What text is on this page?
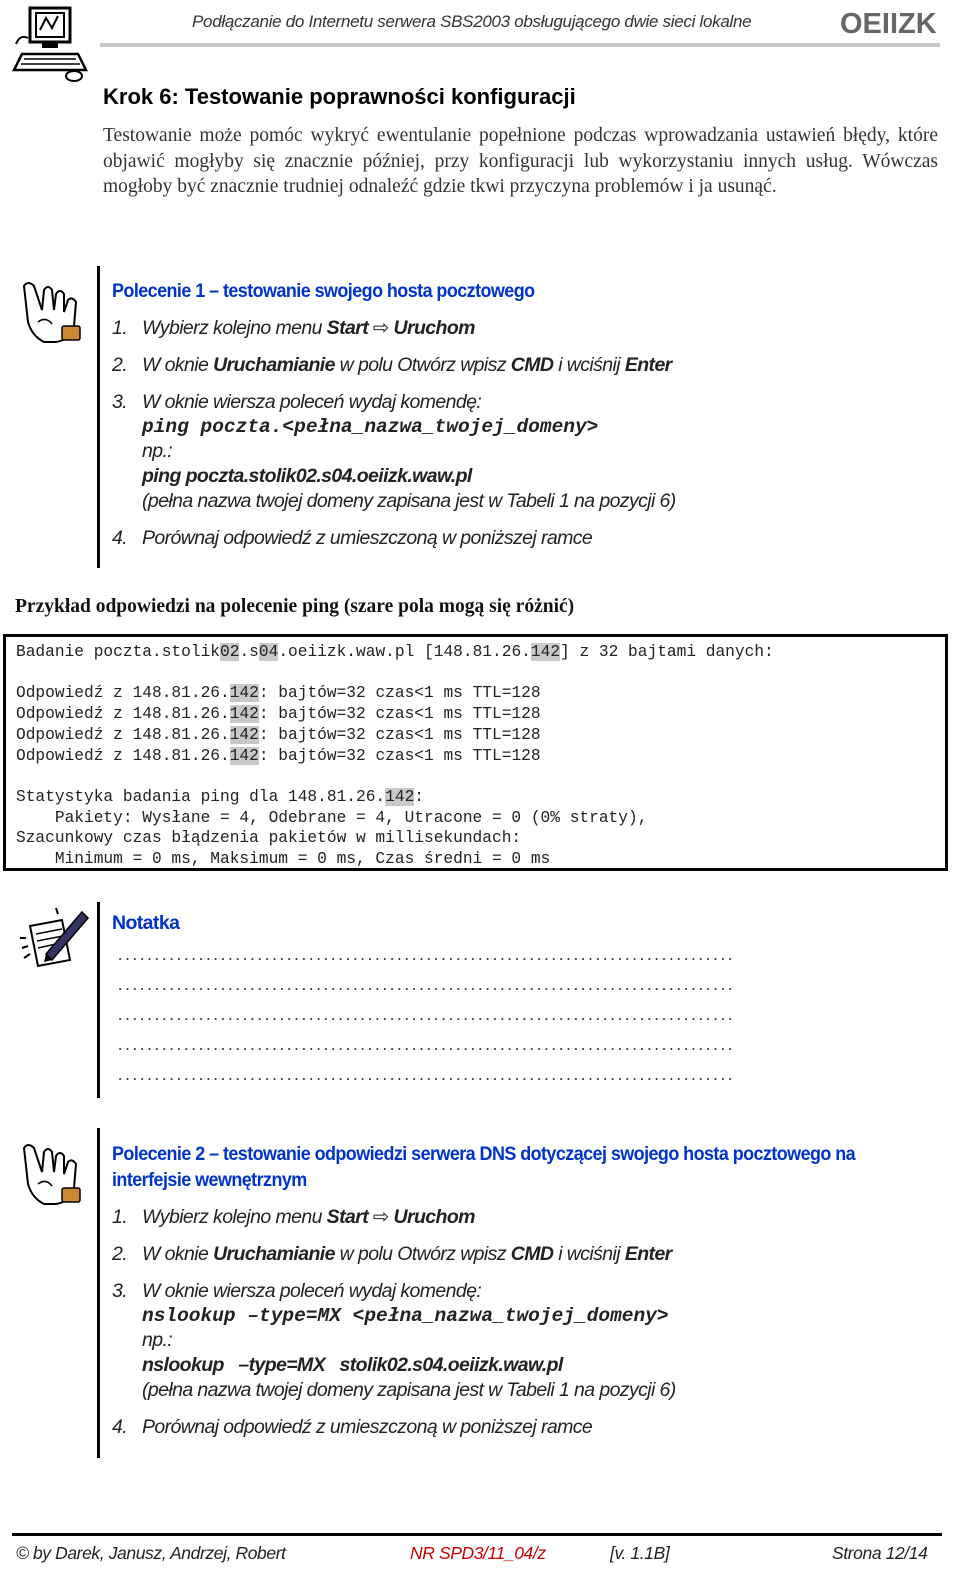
Podłączanie do Internetu serwera SBS2003 obsługującego dwie sieci lokalne	OEIIZK
Krok 6: Testowanie poprawności konfiguracji
Testowanie może pomóc wykryć ewentulanie popełnione podczas wprowadzania ustawień błędy, które objawić mogłyby się znacznie później, przy konfiguracji lub wykorzystaniu innych usług. Wówczas mogłoby być znacznie trudniej odnaleźć gdzie tkwi przyczyna problemów i ja usunąć.
Polecenie 1 – testowanie swojego hosta pocztowego
1. Wybierz kolejno menu Start ⇨ Uruchom
2. W oknie Uruchamianie w polu Otwórz wpisz CMD i wciśnij Enter
3. W oknie wiersza poleceń wydaj komendę:
ping poczta.<pełna_nazwa_twojej_domeny>
np.:
ping poczta.stolik02.s04.oeiizk.waw.pl
(pełna nazwa twojej domeny zapisana jest w Tabeli 1 na pozycji 6)
4. Porównaj odpowiedź z umieszczoną w poniższej ramce
Przykład odpowiedzi na polecenie ping (szare pola mogą się różnić)
Badanie poczta.stolik02.s04.oeiizk.waw.pl [148.81.26.142] z 32 bajtami danych:

Odpowiedź z 148.81.26.142: bajtów=32 czas<1 ms TTL=128
Odpowiedź z 148.81.26.142: bajtów=32 czas<1 ms TTL=128
Odpowiedź z 148.81.26.142: bajtów=32 czas<1 ms TTL=128
Odpowiedź z 148.81.26.142: bajtów=32 czas<1 ms TTL=128

Statystyka badania ping dla 148.81.26.142:
Pakiety: Wysłane = 4, Odebrane = 4, Utracone = 0 (0% straty),
Szacunkowy czas błądzenia pakietów w millisekundach:
Minimum = 0 ms, Maksimum = 0 ms, Czas średni = 0 ms
Notatka
....................................................................................
....................................................................................
....................................................................................
....................................................................................
....................................................................................
Polecenie 2 – testowanie odpowiedzi serwera DNS dotyczącej swojego hosta pocztowego na interfejsie wewnętrznym
1. Wybierz kolejno menu Start ⇨ Uruchom
2. W oknie Uruchamianie w polu Otwórz wpisz CMD i wciśnij Enter
3. W oknie wiersza poleceń wydaj komendę:
nslookup –type=MX <pełna_nazwa_twojej_domeny>
np.:
nslookup   –type=MX   stolik02.s04.oeiizk.waw.pl
(pełna nazwa twojej domeny zapisana jest w Tabeli 1 na pozycji 6)
4. Porównaj odpowiedź z umieszczoną w poniższej ramce
© by Darek, Janusz, Andrzej, Robert	NR SPD3/11_04/z	[v. 1.1B]	Strona 12/14
